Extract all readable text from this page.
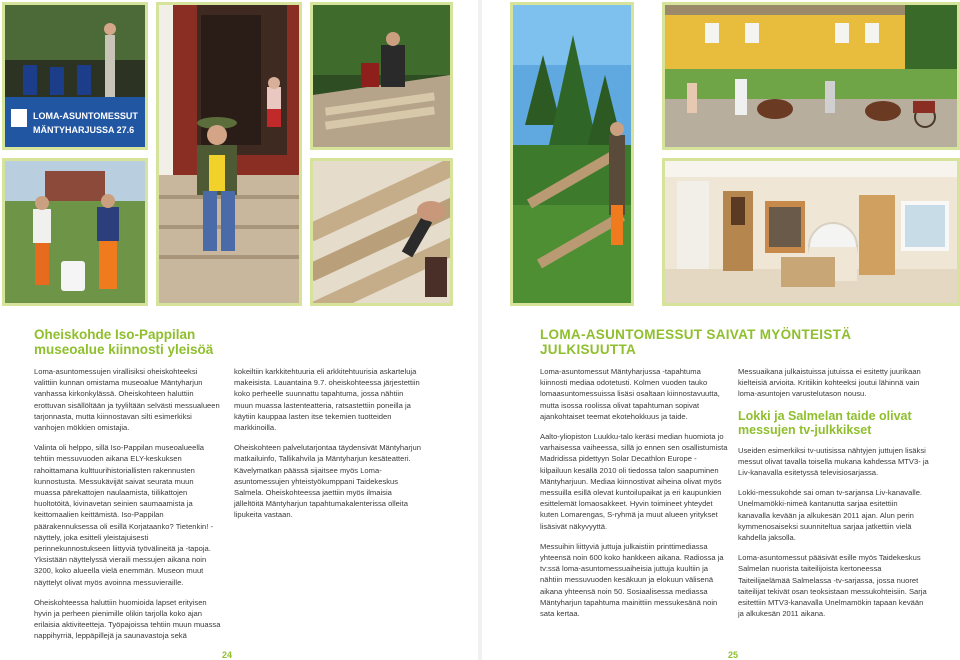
LOMA-ASUNTOMESSUT
MÄNTYHARJUSSA 27.6
Oheiskohde Iso-Pappilan
museoalue kiinnosti yleisöä

Loma-asuntomessujen virallisiksi oheiskohteeksi valittiin kunnan omistama museoalue Mäntyharjun vanhassa kirkonkylässä. Oheiskohteen haluttiin erottuvan sisällöltään ja tyyliltään selvästi messualueen tarjonnasta, mutta kiinnostavan silti esimerkiksi vanhojen mökkien omistajia.

Valinta oli helppo, sillä Iso-Pappilan museoalueella tehtiin messuvuoden aikana ELY-keskuksen rahoittamana kulttuurihistoriallisten rakennusten kunnostusta. Messukävijät saivat seurata muun muassa pärekattojen naulaamista, tiilikattojen huoltotöitä, kivinavetan seinien saumaamista ja keittomaalien keittämistä. Iso-Pappilan päärakennuksessa oli esillä Korjataanko? Tietenkin! -näyttely, joka esitteli yleistajuisesti perinnekunnostukseen liittyviä työvälineitä ja -tapoja. Yksistään näyttelyssä vieraili messujen aikana noin 3200, koko alueella vielä enemmän. Museon muut näyttelyt olivat myös avoinna messuvieraille.

Oheiskohteessa haluttiin huomioida lapset erityisen hyvin ja perheen pienimille olikin tarjolla koko ajan erilaisia aktiviteetteja. Työpajoissa tehtiin muun muassa nappihyrriä, leppäpillejä ja saunavastoja sekä

kokeiltiin karkkitehtuuria eli arkkitehtuurisia askarteluja makeisista. Lauantaina 9.7. oheiskohteessa järjestettiin koko perheelle suunnattu tapahtuma, jossa nähtiin muun muassa lastenteatteria, ratsastettiin poneilla ja käytiin kauppaa lasten itse tekemien tuotteiden markkinoilla.

Oheiskohteen palvelutarjontaa täydensivät Mäntyharjun matkailuinfo, Tallikahvila ja Mäntyharjun kesäteatteri. Kävelymatkan päässä sijaitsee myös Loma-asuntomessujen yhteistyökumppani Taidekeskus Salmela. Oheiskohteessa jaettiin myös ilmaisia jälleltöitä Mäntyharjun tapahtumakalenterissa olleita lipukeita vastaan.

24
LOMA-ASUNTOMESSUT SAIVAT MYÖNTEISTÄ
JULKISUUTTA

Loma-asuntomessut Mäntyharjussa -tapahtuma kiinnosti mediaa odotetusti. Kolmen vuoden tauko lomaasuntomessuissa lisäsi osaltaan kiinnostavuutta, mutta isossa roolissa olivat tapahtuman sopivat ajankohtaiset teemat ekotehokkuus ja taide.

Aalto-yliopiston Luukku-talo keräsi median huomiota jo varhaisessa vaiheessa, sillä jo ennen sen osallistumista Madridissa pidettyyn Solar Decathlon Europe -kilpailuun kesällä 2010 oli tiedossa talon saapuminen Mäntyharjuun. Mediaa kiinnostivat aiheina olivat myös messuilla esillä olevat kuntoilupaikat ja eri kaupunkien esittelemät lomaosakkeet. Hyvin toimineet yhteydet kuten Lomarengas, S-ryhmä ja muut alueen yritykset lisäsivät näkyvyyttä.

Messuihin liittyviä juttuja julkaistiin printtimediassa yhteensä noin 600 koko hankkeen aikana. Radiossa ja tv:ssä loma-asuntomessuaiheisia juttuja kuultiin ja nähtiin messuvuoden kesäkuun ja elokuun välisenä aikana yhteensä noin 50. Sosiaalisessa mediassa Mäntyharjun tapahtuma mainittiin messukesänä noin sata kertaa.

Messuaikana julkaistuissa jutuissa ei esitetty juurikaan kielteisiä arvioita. Kritiikin kohteeksi joutui lähinnä vain loma-asuntojen varustelutason nousu.

Lokki ja Salmelan taide olivat
messujen tv-julkkikset

Useiden esimerkiksi tv-uutisissa nähtyjen juttujen lisäksi messut olivat tavalla toisella mukana kahdessa MTV3- ja Liv-kanavalla esitetyssä televisiosarjassa.

Lokki-messukohde sai oman tv-sarjansa Liv-kanavalle. Unelmamökki-nimeä kantanutta sarjaa esitettiin kanavalla kevään ja alkukesän 2011 ajan. Alun perin kymmenosaiseksi suunniteltua sarjaa jatkettiin vielä kahdella jaksolla.

Loma-asuntomessut pääsivät esille myös Taidekeskus Salmelan nuorista taiteilijoista kertoneessa Taiteilijaelämää Salmelassa -tv-sarjassa, jossa nuoret taiteilijat tekivät osan teoksistaan messukohteisiin. Sarja esitettiin MTV3-kanavalla Unelmamökin tapaan kevään ja alkukesän 2011 aikana.

25
